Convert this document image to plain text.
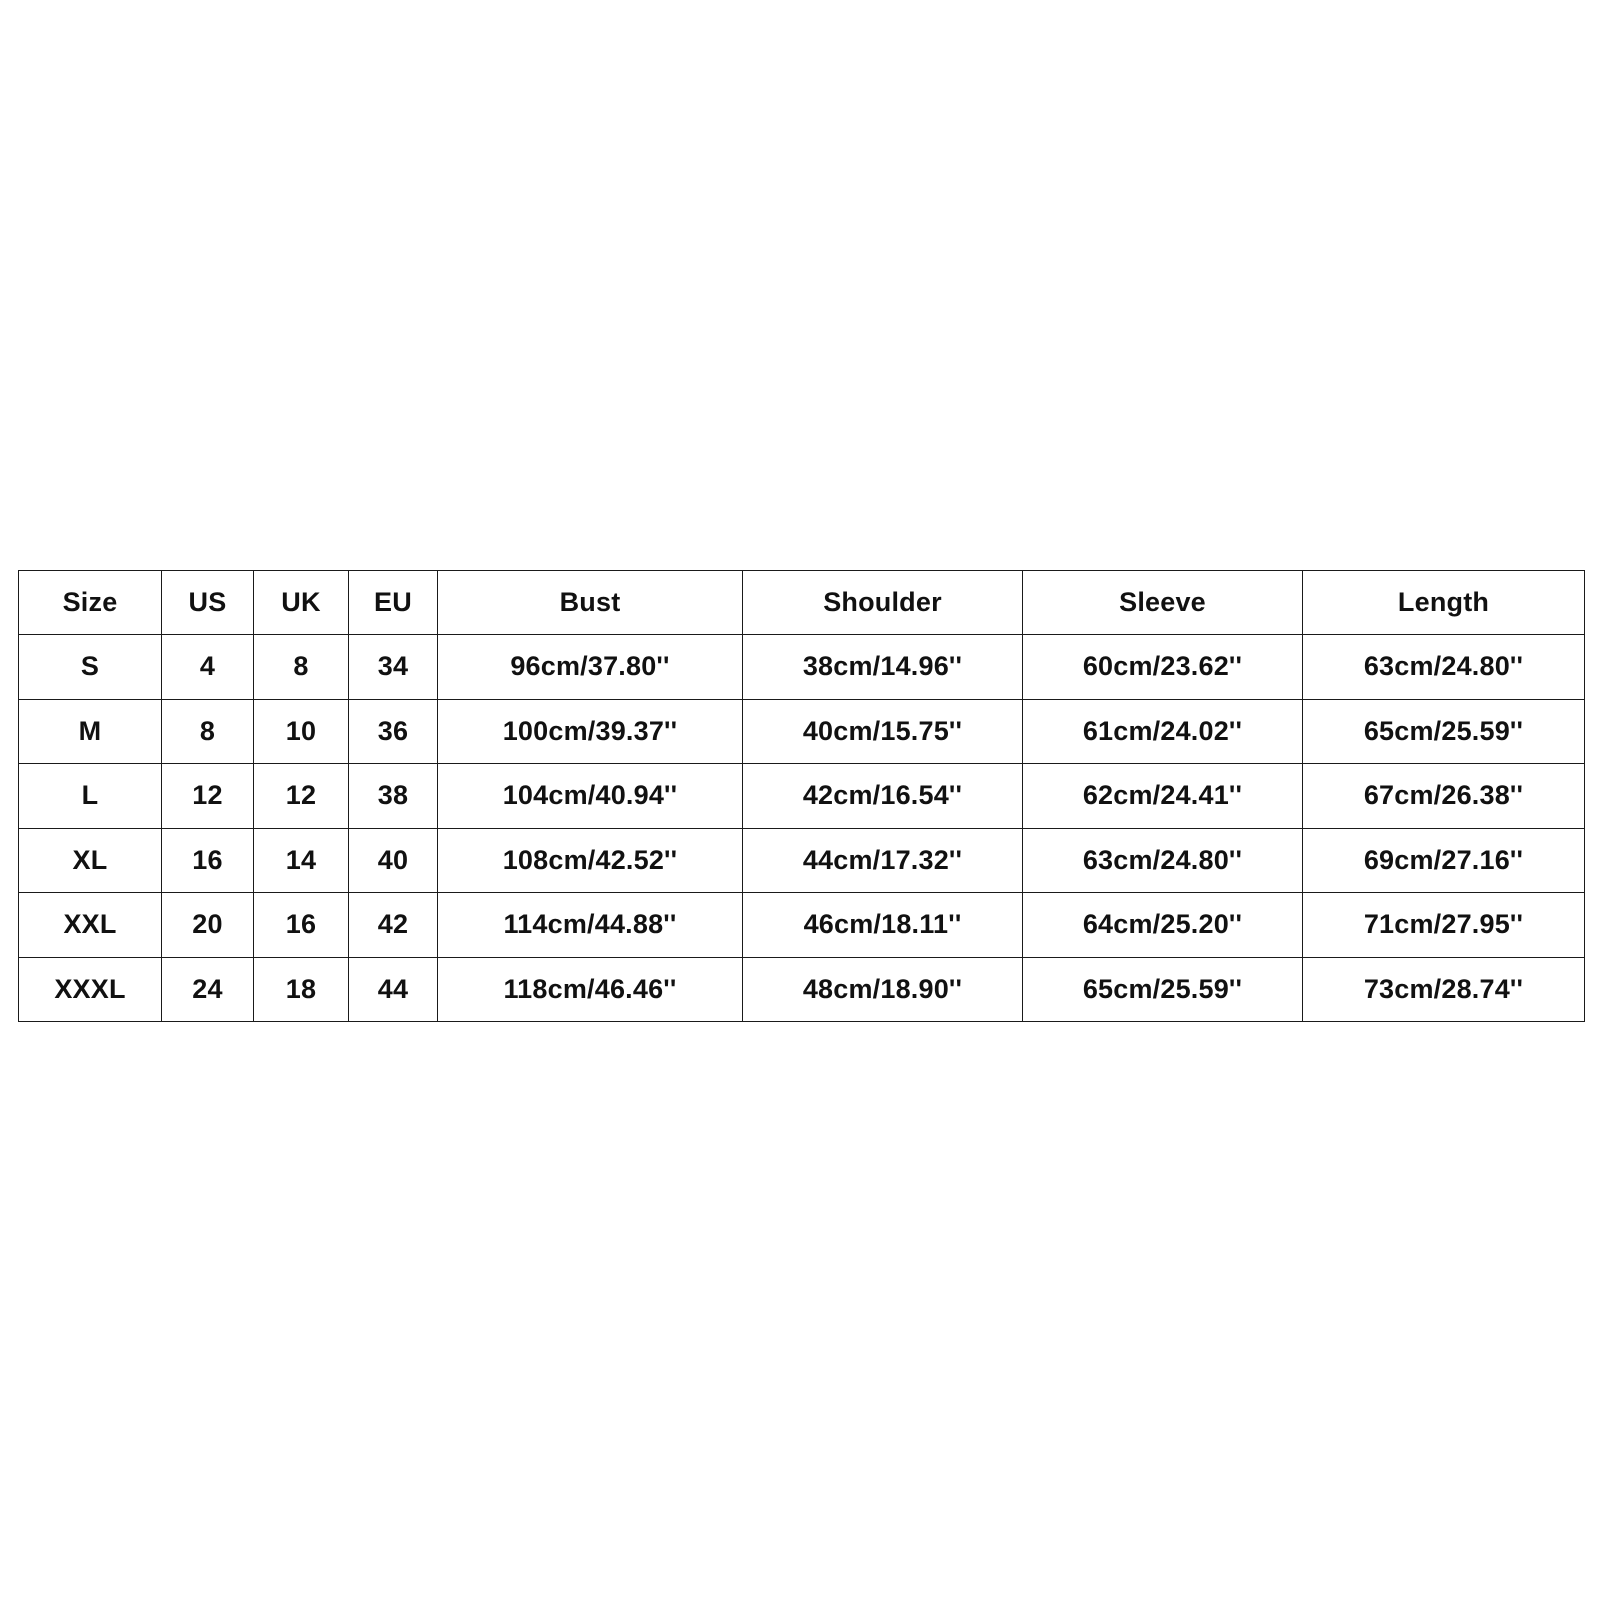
Size	US	UK	EU	Bust	Shoulder	Sleeve	Length
S	4	8	34	96cm/37.80''	38cm/14.96''	60cm/23.62''	63cm/24.80''
M	8	10	36	100cm/39.37''	40cm/15.75''	61cm/24.02''	65cm/25.59''
L	12	12	38	104cm/40.94''	42cm/16.54''	62cm/24.41''	67cm/26.38''
XL	16	14	40	108cm/42.52''	44cm/17.32''	63cm/24.80''	69cm/27.16''
XXL	20	16	42	114cm/44.88''	46cm/18.11''	64cm/25.20''	71cm/27.95''
XXXL	24	18	44	118cm/46.46''	48cm/18.90''	65cm/25.59''	73cm/28.74''
